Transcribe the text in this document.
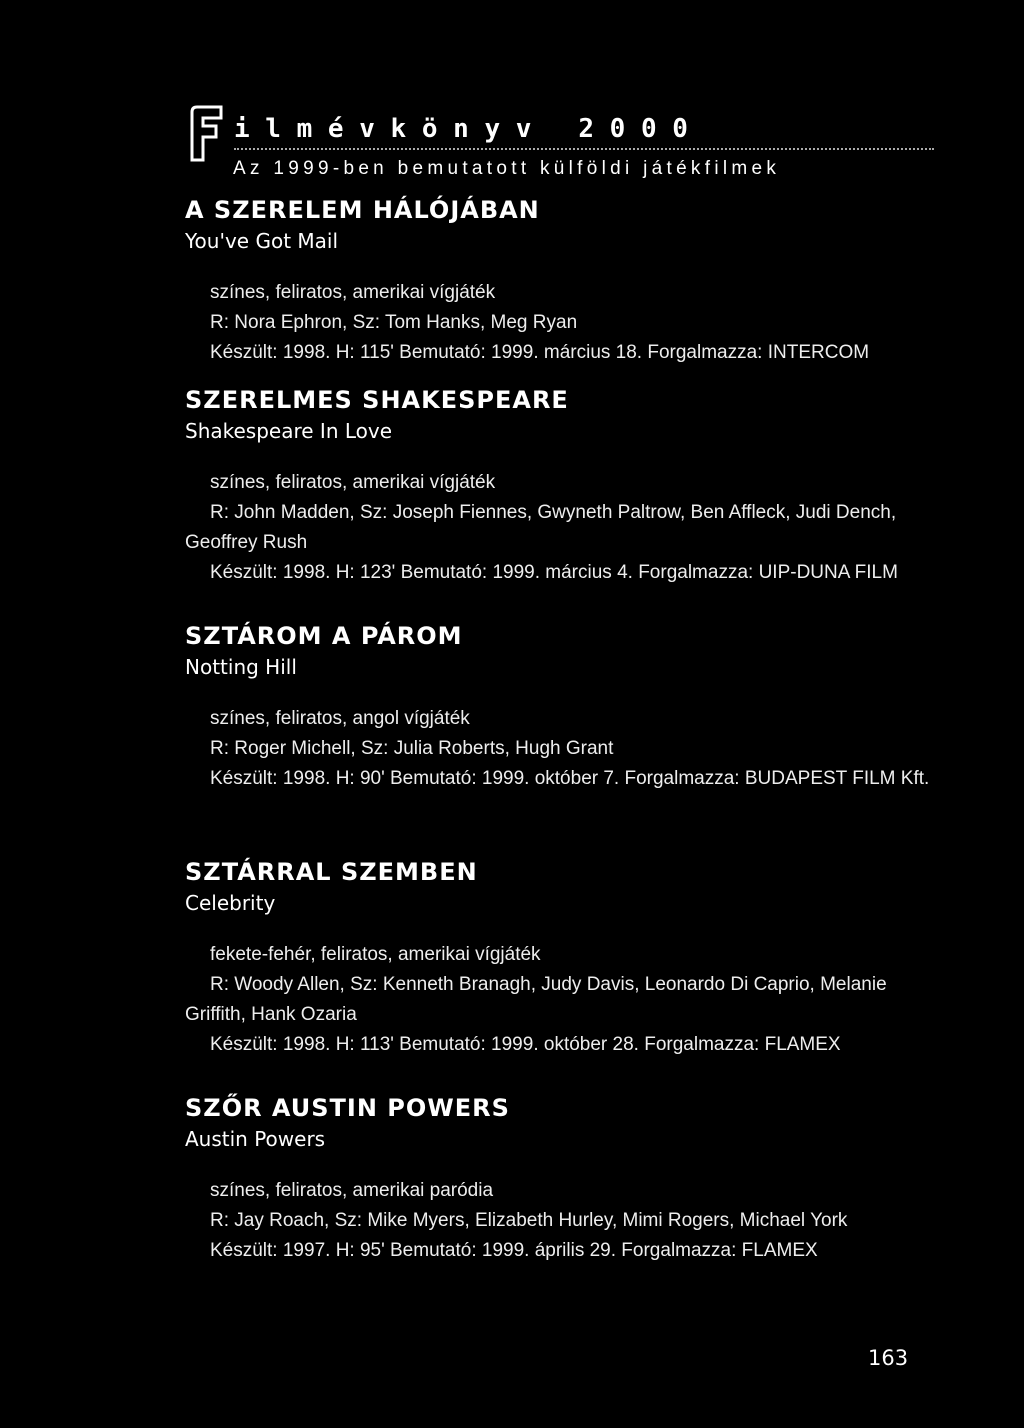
i l m é v k ö n y v   2 0 0 0
Az 1999-ben bemutatott külföldi játékfilmek

A SZERELEM HÁLÓJÁBAN

You've Got Mail

színes, feliratos, amerikai vígjáték

R: Nora Ephron, Sz: Tom Hanks, Meg Ryan

Készült: 1998. H: 115' Bemutató: 1999. március 18. Forgalmazza: INTERCOM

SZERELMES SHAKESPEARE

Shakespeare In Love

színes, feliratos, amerikai vígjáték

R: John Madden, Sz: Joseph Fiennes, Gwyneth Paltrow, Ben Affleck, Judi Dench, Geoffrey Rush

Készült: 1998. H: 123' Bemutató: 1999. március 4. Forgalmazza: UIP-DUNA FILM

SZTÁROM A PÁROM

Notting Hill

színes, feliratos, angol vígjáték

R: Roger Michell, Sz: Julia Roberts, Hugh Grant

Készült: 1998. H: 90' Bemutató: 1999. október 7. Forgalmazza: BUDAPEST FILM Kft.

SZTÁRRAL SZEMBEN

Celebrity

fekete-fehér, feliratos, amerikai vígjáték

R: Woody Allen, Sz: Kenneth Branagh, Judy Davis, Leonardo Di Caprio, Melanie Griffith, Hank Ozaria

Készült: 1998. H: 113' Bemutató: 1999. október 28. Forgalmazza: FLAMEX

SZŐR AUSTIN POWERS

Austin Powers

színes, feliratos, amerikai paródia

R: Jay Roach, Sz: Mike Myers, Elizabeth Hurley, Mimi Rogers, Michael York

Készült: 1997. H: 95' Bemutató: 1999. április 29. Forgalmazza: FLAMEX

163
